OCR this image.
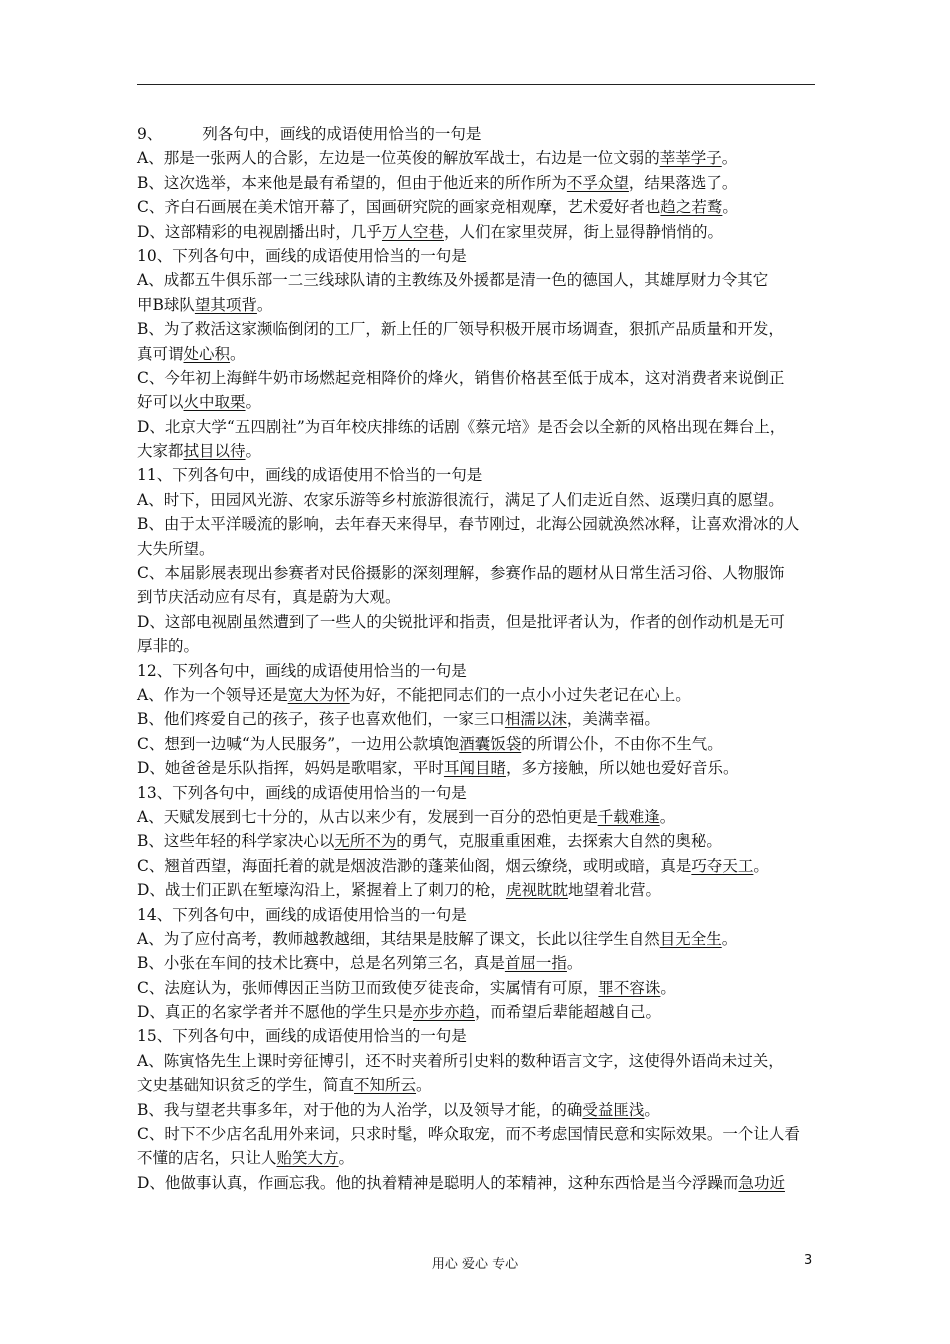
9、	列各句中，画线的成语使用恰当的一句是
A、那是一张两人的合影，左边是一位英俊的解放军战士，右边是一位文弱的莘莘学子。
B、这次选举，本来他是最有希望的，但由于他近来的所作所为不孚众望，结果落选了。
C、齐白石画展在美术馆开幕了，国画研究院的画家竞相观摩，艺术爱好者也趋之若鹜。
D、这部精彩的电视剧播出时，几乎万人空巷，人们在家里荧屏，街上显得静悄悄的。
10、下列各句中，画线的成语使用恰当的一句是
A、成都五牛俱乐部一二三线球队请的主教练及外援都是清一色的德国人，其雄厚财力令其它
甲B球队望其项背。
B、为了救活这家濒临倒闭的工厂，新上任的厂领导积极开展市场调查，狠抓产品质量和开发，
真可谓处心积。
C、今年初上海鲜牛奶市场燃起竞相降价的烽火，销售价格甚至低于成本，这对消费者来说倒正
好可以火中取栗。
D、北京大学“五四剧社”为百年校庆排练的话剧《蔡元培》是否会以全新的风格出现在舞台上，
大家都拭目以待。
11、下列各句中，画线的成语使用不恰当的一句是
A、时下，田园风光游、农家乐游等乡村旅游很流行，满足了人们走近自然、返璞归真的愿望。
B、由于太平洋暖流的影响，去年春天来得早，春节刚过，北海公园就涣然冰释，让喜欢滑冰的人
大失所望。
C、本届影展表现出参赛者对民俗摄影的深刻理解，参赛作品的题材从日常生活习俗、人物服饰
到节庆活动应有尽有，真是蔚为大观。
D、这部电视剧虽然遭到了一些人的尖锐批评和指责，但是批评者认为，作者的创作动机是无可
厚非的。
12、下列各句中，画线的成语使用恰当的一句是
A、作为一个领导还是宽大为怀为好，不能把同志们的一点小小过失老记在心上。
B、他们疼爱自己的孩子，孩子也喜欢他们，一家三口相濡以沫，美满幸福。
C、想到一边喊“为人民服务”，一边用公款填饱酒囊饭袋的所谓公仆，不由你不生气。
D、她爸爸是乐队指挥，妈妈是歌唱家，平时耳闻目睹，多方接触，所以她也爱好音乐。
13、下列各句中，画线的成语使用恰当的一句是
A、天赋发展到七十分的，从古以来少有，发展到一百分的恐怕更是千载难逢。
B、这些年轻的科学家决心以无所不为的勇气，克服重重困难，去探索大自然的奥秘。
C、翘首西望，海面托着的就是烟波浩渺的蓬莱仙阁，烟云缭绕，或明或暗，真是巧夺天工。
D、战士们正趴在堑壕沟沿上，紧握着上了刺刀的枪，虎视眈眈地望着北营。
14、下列各句中，画线的成语使用恰当的一句是
A、为了应付高考，教师越教越细，其结果是肢解了课文，长此以往学生自然目无全生。
B、小张在车间的技术比赛中，总是名列第三名，真是首屈一指。
C、法庭认为，张师傅因正当防卫而致使歹徒丧命，实属情有可原，罪不容诛。
D、真正的名家学者并不愿他的学生只是亦步亦趋，而希望后辈能超越自己。
15、下列各句中，画线的成语使用恰当的一句是
A、陈寅恪先生上课时旁征博引，还不时夹着所引史料的数种语言文字，这使得外语尚未过关，
文史基础知识贫乏的学生，简直不知所云。
B、我与望老共事多年，对于他的为人治学，以及领导才能，的确受益匪浅。
C、时下不少店名乱用外来词，只求时髦，哗众取宠，而不考虑国情民意和实际效果。一个让人看
不懂的店名，只让人贻笑大方。
D、他做事认真，作画忘我。他的执着精神是聪明人的苯精神，这种东西恰是当今浮躁而急功近
用心 爱心 专心	3
